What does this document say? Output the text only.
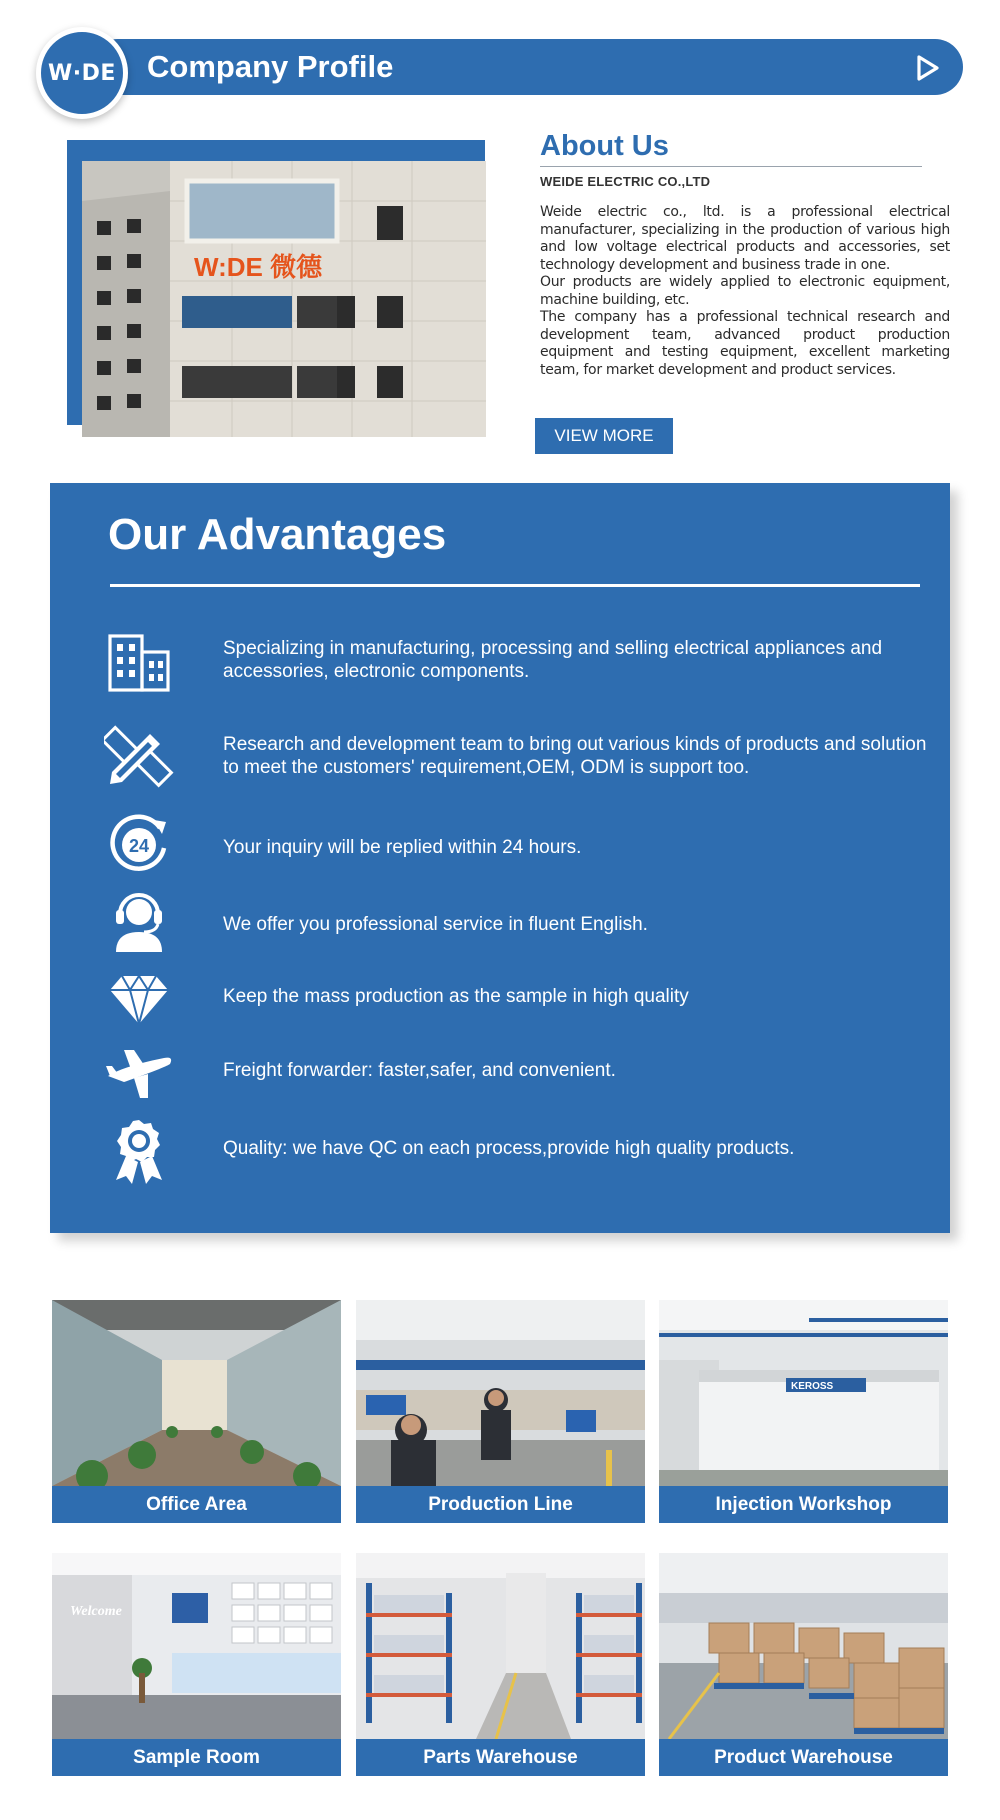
Company Profile
W·DE
W:DE 微德
About Us
WEIDE ELECTRIC CO.,LTD

Weide electric co., ltd. is a professional electrical manufacturer, specializing in the production of various high and low voltage electrical products and accessories, set technology development and business trade in one.

Our products are widely applied to electronic equipment, machine building, etc.

The company has a professional technical research and development team, advanced product production equipment and testing equipment, excellent marketing team, for market development and product services.

VIEW MORE
Our Advantages
Specializing in manufacturing, processing and selling electrical appliances and accessories, electronic components.
Research and development team to bring out various kinds of products and solution to meet the customers' requirement,OEM, ODM is support too.
24	Your inquiry will be replied within 24 hours.
We offer you professional service in fluent English.
Keep the mass production as the sample in high quality
Freight forwarder: faster,safer, and convenient.
Quality: we have QC on each process,provide high quality products.
Office Area	Production Line
KEROSS
Injection Workshop
Welcome
Sample Room	Parts Warehouse	Product Warehouse
